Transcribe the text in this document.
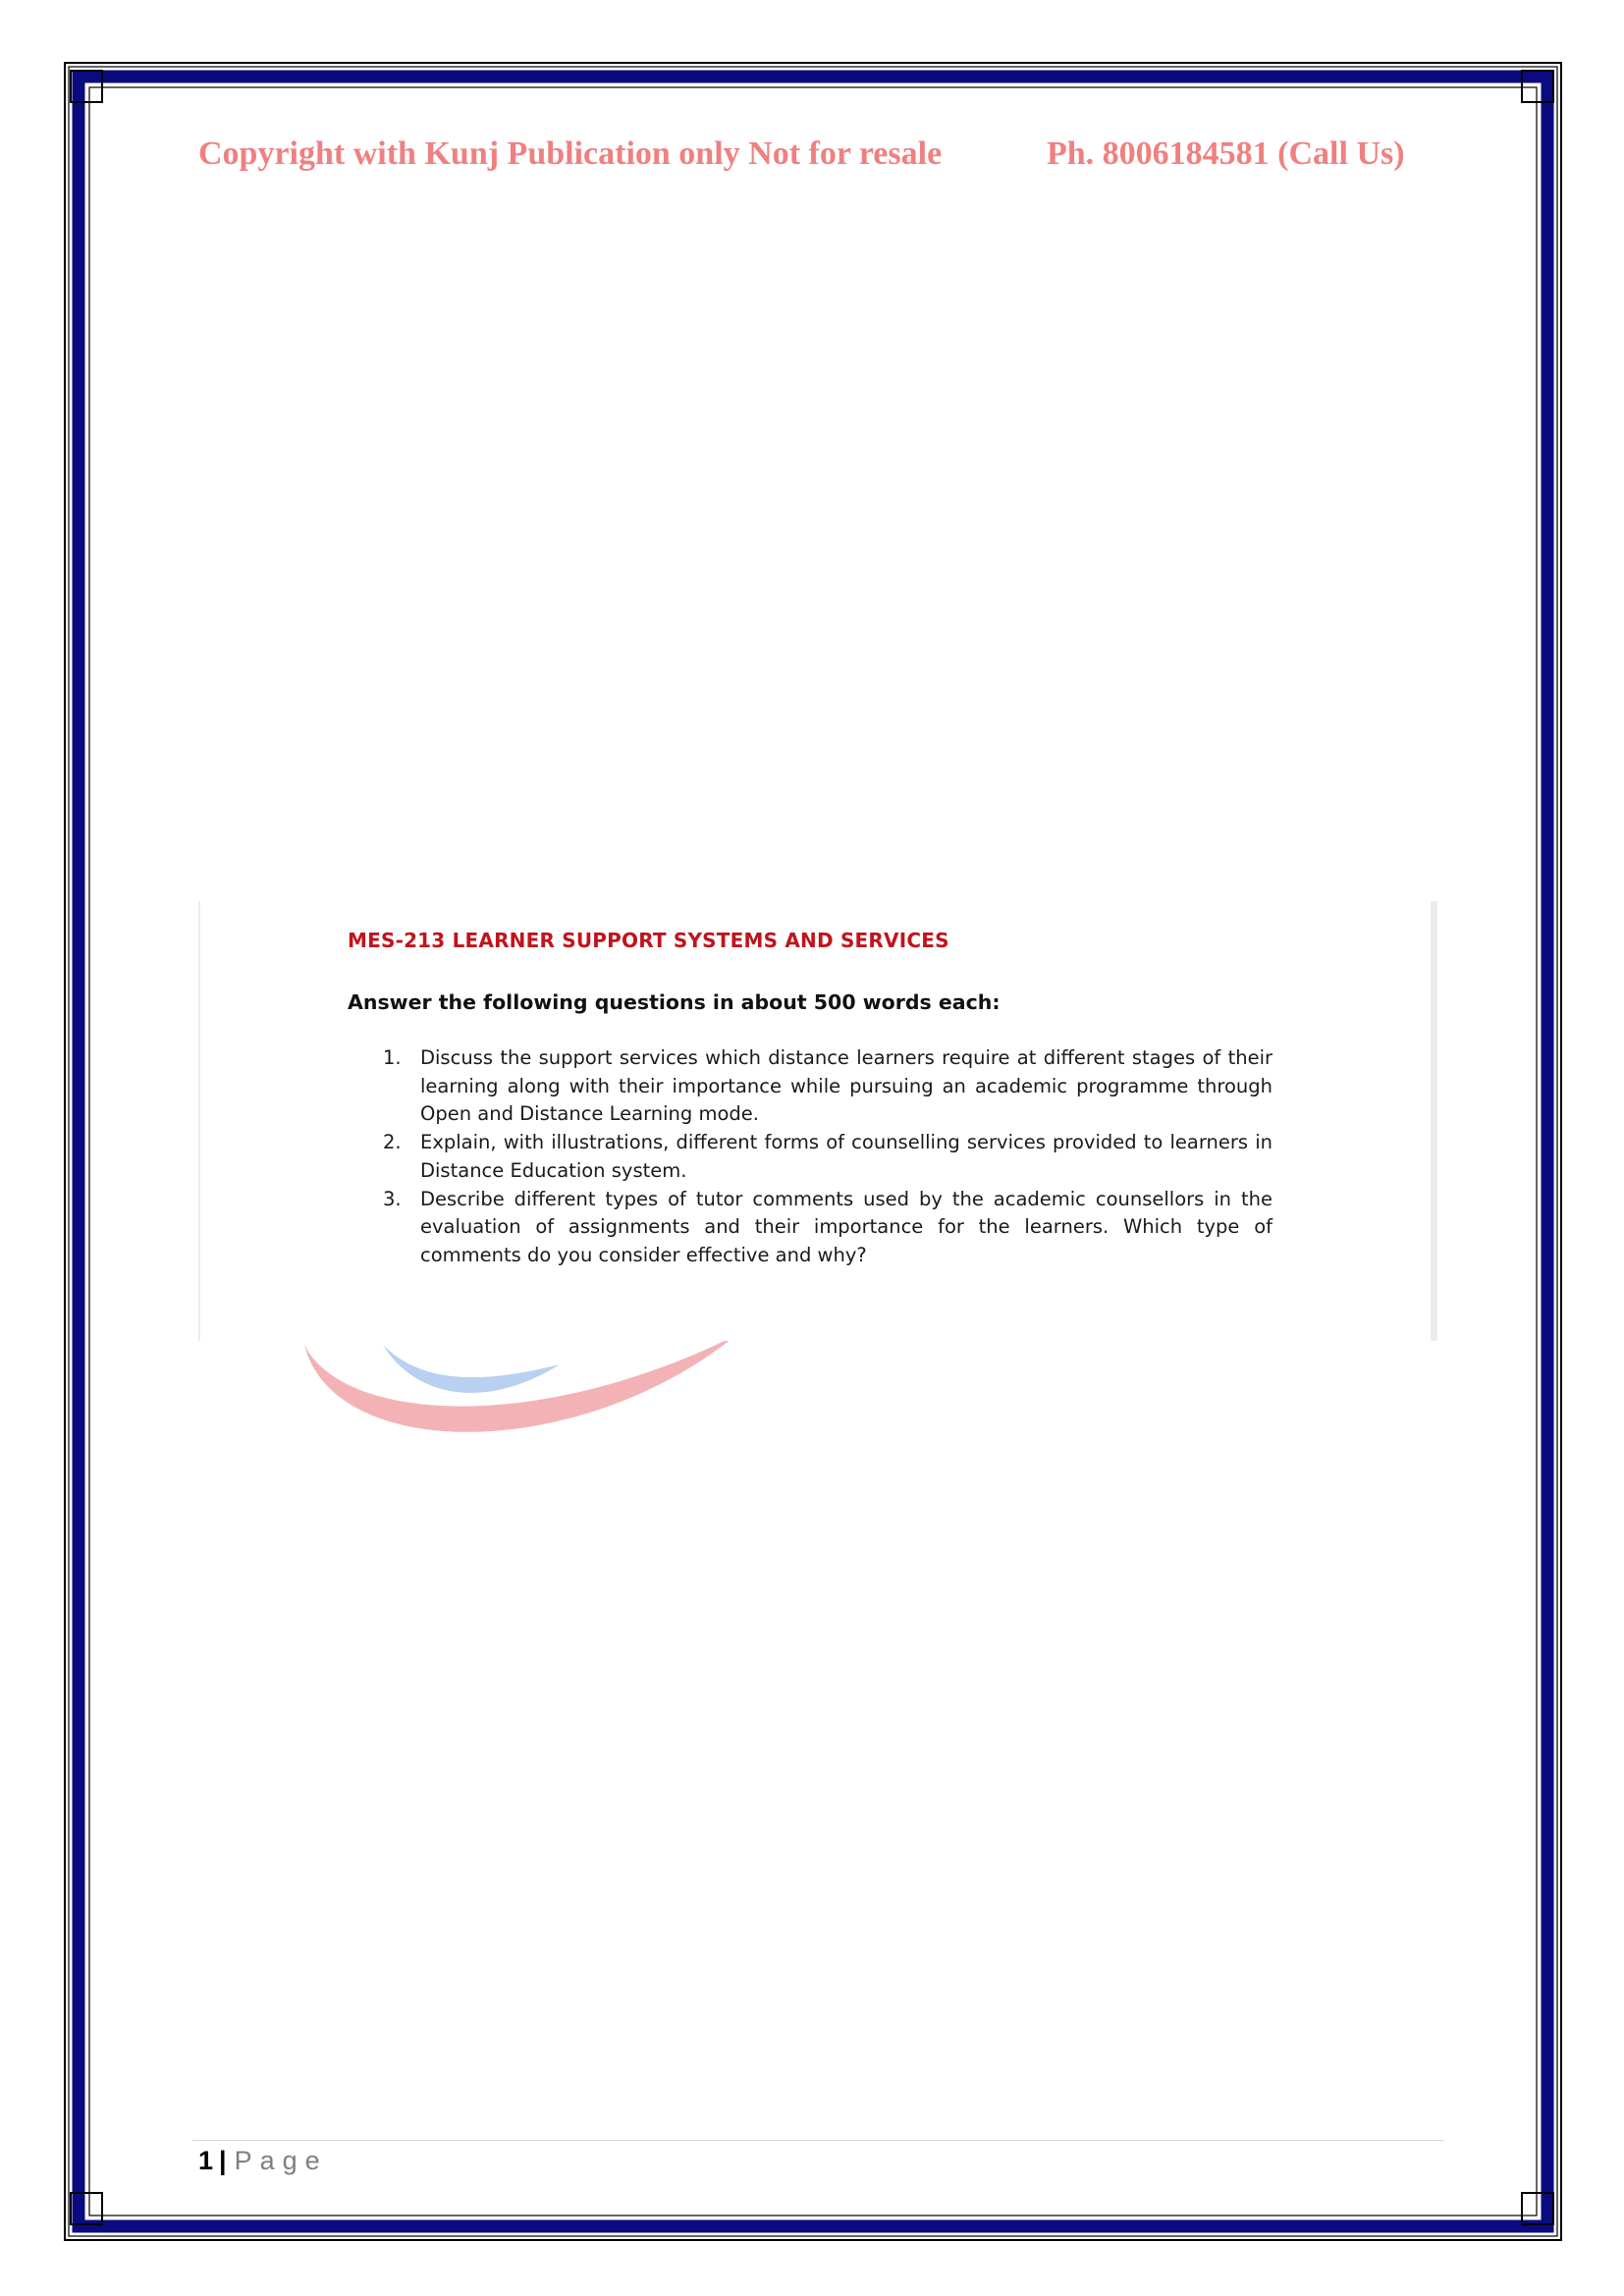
Copyright with Kunj Publication only Not for resale	Ph. 8006184581 (Call Us)
MES-213 LEARNER SUPPORT SYSTEMS AND SERVICES
Answer the following questions in about 500 words each:

1. Discuss the support services which distance learners require at different stages of their learning along with their importance while pursuing an academic programme through Open and Distance Learning mode.

2. Explain, with illustrations, different forms of counselling services provided to learners in Distance Education system.

3. Describe different types of tutor comments used by the academic counsellors in the evaluation of assignments and their importance for the learners. Which type of comments do you consider effective and why?

1 | Page
